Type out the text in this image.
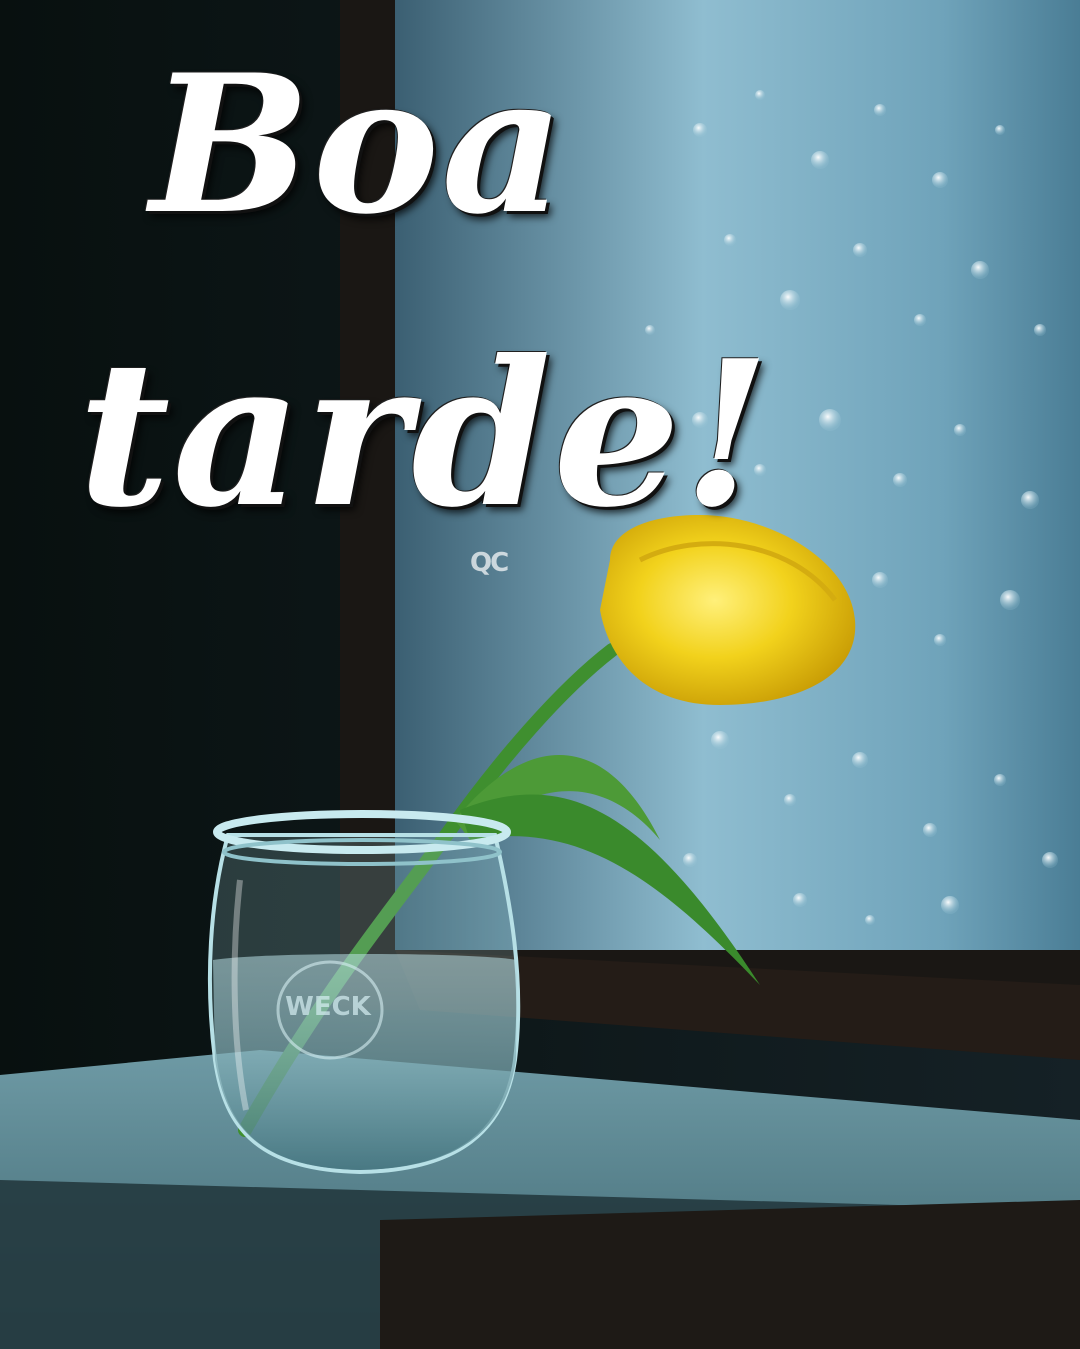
Boa
tarde!
QC
WECK
